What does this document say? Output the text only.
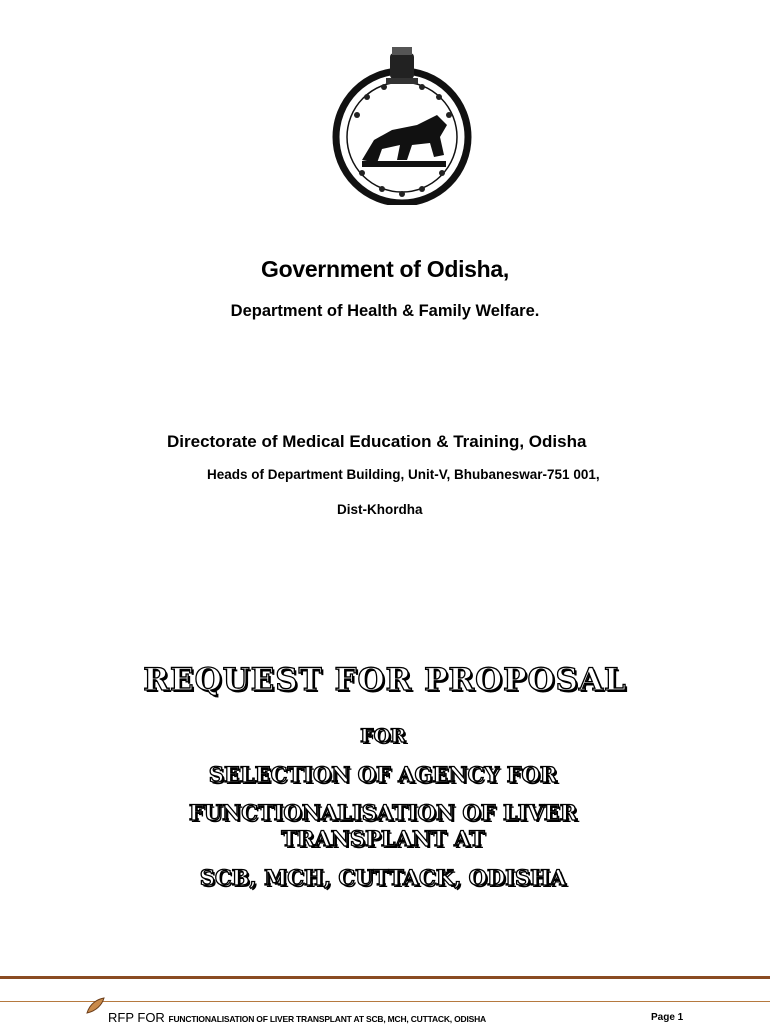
Government of Odisha,
Department of Health & Family Welfare.
Directorate of Medical Education & Training, Odisha
Heads of Department Building, Unit-V, Bhubaneswar-751 001,
Dist-Khordha
REQUEST FOR PROPOSAL
FOR
SELECTION OF AGENCY FOR
FUNCTIONALISATION OF LIVER
TRANSPLANT AT
SCB, MCH, CUTTACK, ODISHA
RFP FOR FUNCTIONALISATION OF LIVER TRANSPLANT AT SCB, MCH, CUTTACK, ODISHA	Page 1
